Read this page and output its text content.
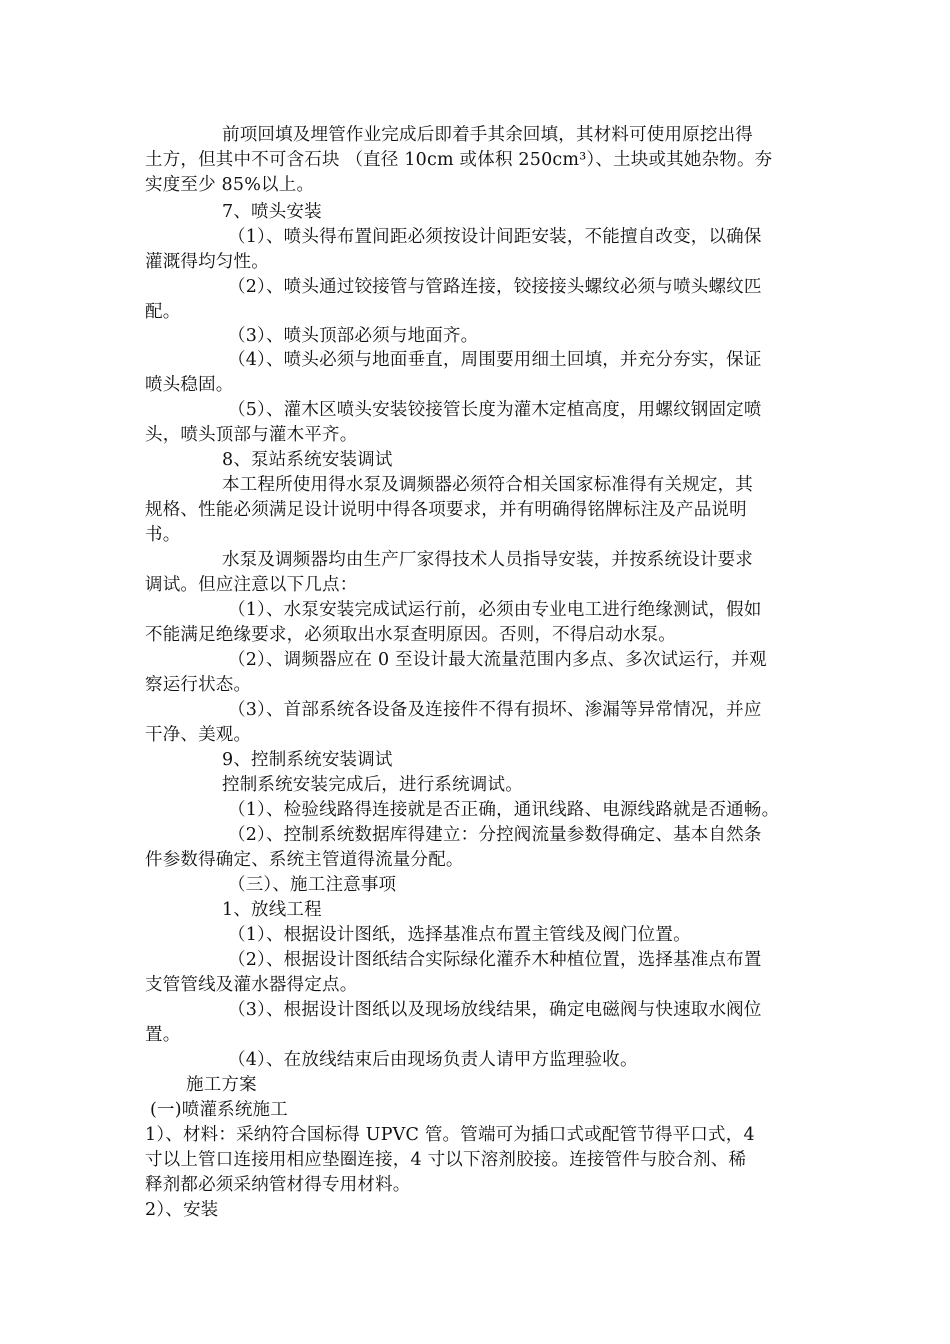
前项回填及埋管作业完成后即着手其余回填，其材料可使用原挖出得
土方，但其中不可含石块 （直径 10cm 或体积 250cm³）、土块或其她杂物。夯
实度至少 85%以上。
7、喷头安装
（1）、喷头得布置间距必须按设计间距安装，不能擅自改变，以确保
灌溉得均匀性。
（2）、喷头通过铰接管与管路连接，铰接接头螺纹必须与喷头螺纹匹
配。
（3）、喷头顶部必须与地面齐。
（4）、喷头必须与地面垂直，周围要用细土回填，并充分夯实，保证
喷头稳固。
（5）、灌木区喷头安装铰接管长度为灌木定植高度，用螺纹钢固定喷
头，喷头顶部与灌木平齐。
8、泵站系统安装调试
本工程所使用得水泵及调频器必须符合相关国家标准得有关规定，其
规格、性能必须满足设计说明中得各项要求，并有明确得铭牌标注及产品说明
书。
水泵及调频器均由生产厂家得技术人员指导安装，并按系统设计要求
调试。但应注意以下几点：
（1）、水泵安装完成试运行前，必须由专业电工进行绝缘测试，假如
不能满足绝缘要求，必须取出水泵查明原因。否则，不得启动水泵。
（2）、调频器应在 0 至设计最大流量范围内多点、多次试运行，并观
察运行状态。
（3）、首部系统各设备及连接件不得有损坏、渗漏等异常情况，并应
干净、美观。
9、控制系统安装调试
控制系统安装完成后，进行系统调试。
（1）、检验线路得连接就是否正确，通讯线路、电源线路就是否通畅。
（2）、控制系统数据库得建立：分控阀流量参数得确定、基本自然条
件参数得确定、系统主管道得流量分配。
（三）、施工注意事项
1、放线工程
（1）、根据设计图纸，选择基准点布置主管线及阀门位置。
（2）、根据设计图纸结合实际绿化灌乔木种植位置，选择基准点布置
支管管线及灌水器得定点。
（3）、根据设计图纸以及现场放线结果，确定电磁阀与快速取水阀位
置。
（4）、在放线结束后由现场负责人请甲方监理验收。
施工方案
(一)喷灌系统施工
1）、材料：采纳符合国标得 UPVC 管。管端可为插口式或配管节得平口式，4
寸以上管口连接用相应垫圈连接，4 寸以下溶剂胶接。连接管件与胶合剂、稀
释剂都必须采纳管材得专用材料。
2）、安装
